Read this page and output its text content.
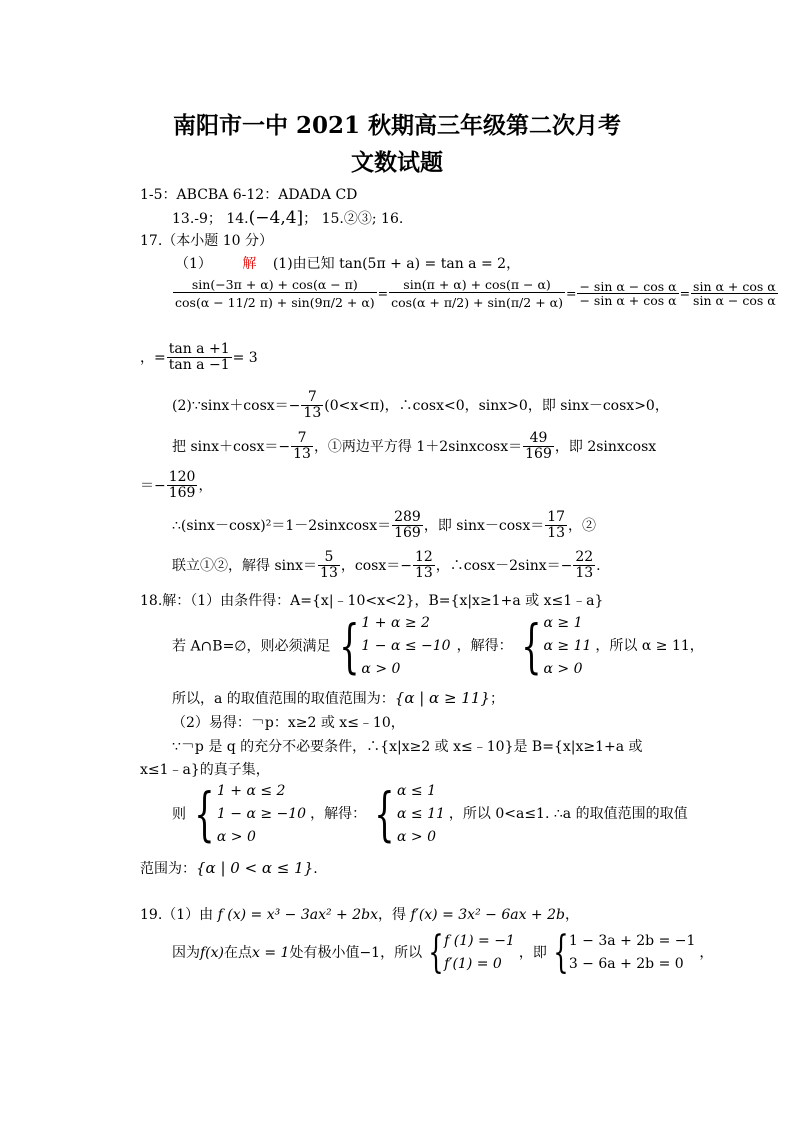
南阳市一中 2021 秋期高三年级第二次月考
文数试题
1-5：ABCBA 6-12：ADADA CD
13.-9； 14.(−4,4]； 15.②③; 16.
17.（本小题 10 分）
（1） 解 (1)由已知 tan(5π + a) = tan a = 2，
$\frac{\sin(-3\pi + \alpha) + \cos(\alpha - \pi)}{\cos(\alpha - 11/2 \pi) + \sin(9\pi/2 + \alpha)} = \frac{\sin(\pi + \alpha) + \cos(\pi - \alpha)}{\cos(\alpha + \pi/2) + \sin(\pi/2 + \alpha)} = \frac{\text{− sin α − cos α}}{\text{− sin α + cos α}} = \frac{\text{sin α + cos α}}{\text{sin α − cos α}}$
，= $\frac{\text{tan a +1}}{\text{tan a −1}} = 3$
(2)∵sinx＋cosx＝− $\frac{7}{13} (0<x<\pi)$，∴cosx<0，sinx>0，即 sinx－cosx>0，
把 $\sin x+\cos x=- \frac{7}{13}$ ，①两边平方得 1＋2sinxcosx＝ $\frac{49}{169}$ ，即 2sinxcosx
＝− $\frac{120}{169}$ ，
∴(sinx－cosx)²＝1－2sinxcosx＝ $\frac{289}{169}$ ，即 $\sin x-\cos x= \frac{17}{13}$ ，②
联立①②，解得 $\sin x= \frac{5}{13}$ ，$\cos x=- \frac{12}{13}$ ，∴cosx－2sinx＝− $\frac{22}{13}$ .
18.解：（1）由条件得：A={x|﹣10<x<2}，B={x|x≥1+a 或 x≤1﹣a}
若 A∩B=∅，则必须满足 { 1 + α ≥ 2
1 − α ≤ −10
α > 0，解得： { α ≥ 1
α ≥ 11
α > 0，所以 α ≥ 11，
所以，a 的取值范围的取值范围为：{α | α ≥ 11}；
（2）易得：￢p：x≥2 或 x≤﹣10，
∵￢p 是 q 的充分不必要条件，∴{x|x≥2 或 x≤﹣10}是 B={x|x≥1+a 或
x≤1﹣a}的真子集，
则 { 1 + α ≤ 2
1 − α ≥ −10
α > 0，解得： { α ≤ 1
α ≤ 11
α > 0，所以 0<a≤1. ∴a 的取值范围的取值
范围为：{α | 0 < α ≤ 1}.
19.（1）由 f (x) = x³ − 3ax² + 2bx，得 f′(x) = 3x² − 6ax + 2b，
因为f(x)在点x = 1处有极小值−1，所以 {f (1) = −1
f′(1) = 0，即 {1 − 3a + 2b = −1
3 − 6a + 2b = 0，
